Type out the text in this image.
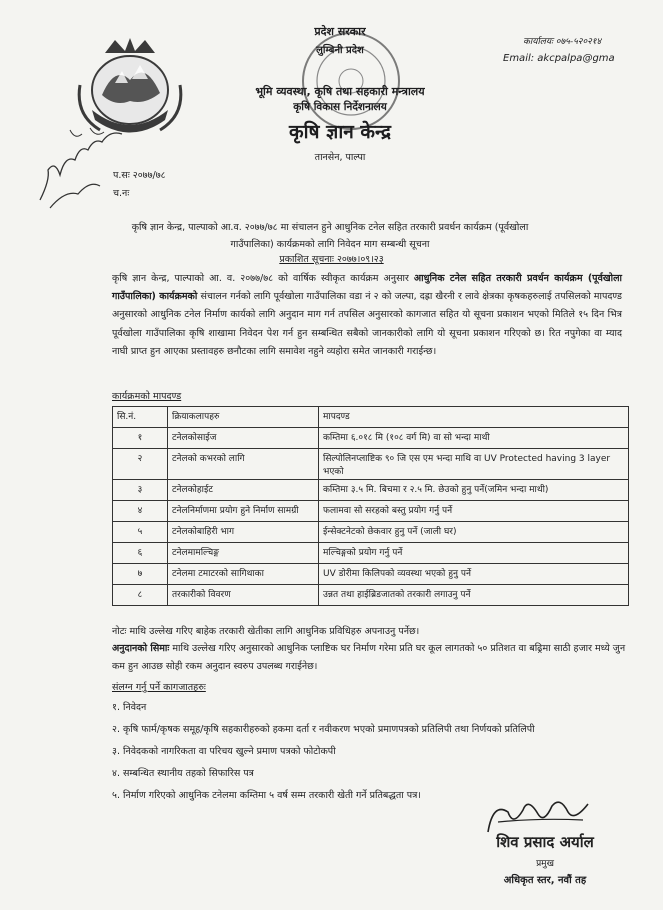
प्रदेश सरकार
लुम्बिनी प्रदेश
भूमि व्यवस्था, कृषि तथा सहकारी मन्त्रालय
कृषि विकास निर्देशनालय
कृषि ज्ञान केन्द्र
तानसेन, पाल्पा
कार्यालयः ०७५-५२०२१४
Email: akcpalpa@gma
प.सः २०७७/७८
च.नः
कृषि ज्ञान केन्द्र, पाल्पाको आ.व. २०७७/७८ मा संचालन हुने आधुनिक टनेल सहित तरकारी प्रवर्धन कार्यक्रम (पूर्वखोला गाउँपालिका) कार्यक्रमको लागि निवेदन माग सम्बन्धी सूचना
प्रकाशित सूचनाः २०७७।०९।२३
कृषि ज्ञान केन्द्र, पाल्पाको आ. व. २०७७/७८ को वार्षिक स्वीकृत कार्यक्रम अनुसार आधुनिक टनेल सहित तरकारी प्रवर्धन कार्यक्रम (पूर्वखोला गाउँपालिका) कार्यक्रमको संचालन गर्नको लागि पूर्वखोला गाउँपालिका वडा नं २ को जल्पा, दह्रा खैरनी र लावे क्षेत्रका कृषकहरुलाई तपसिलको मापदण्ड अनुसारको आधुनिक टनेल निर्माण कार्यको लागि अनुदान माग गर्न तपसिल अनुसारको कागजात सहित यो सूचना प्रकाशन भएको मितिले १५ दिन भित्र पूर्वखोला गाउँपालिका कृषि शाखामा निवेदन पेश गर्न हुन सम्बन्धित सबैको जानकारीको लागि यो सूचना प्रकाशन गरिएको छ। रित नपुगेका वा म्याद नाघी प्राप्त हुन आएका प्रस्तावहरु छनौटका लागि समावेश नहुने व्यहोरा समेत जानकारी गराईन्छ।
कार्यक्रमको मापदण्ड
सि.नं.	क्रियाकलापहरु	मापदण्ड
१	टनेलकोसाईज	कम्तिमा ६.०१८ मि (१०८ वर्ग मि) वा सो भन्दा माथी
२	टनेलको कभरको लागि	सिल्पोलिनप्लाष्टिक ९० जि एस एम भन्दा माथि वा UV Protected having 3 layer भएको
३	टनेलकोहाईट	कम्तिमा ३.५ मि. बिचमा र २.५ मि. छेउको हुनु पर्ने(जमिन भन्दा माथी)
४	टनेलनिर्माणमा प्रयोग हुने निर्माण सामग्री	फलामवा सो सरहको बस्तु प्रयोग गर्नु पर्ने
५	टनेलकोबाहिरी भाग	ईन्सेक्टनेटको छेकवार हुनु पर्ने (जाली घर)
६	टनेलमामल्चिङ्ग	मल्चिङ्गको प्रयोग गर्नु पर्ने
७	टनेलमा टमाटरको सागिथाका	UV डोरीमा किलिपको व्यवस्था भएको हुनु पर्ने
८	तरकारीको विवरण	उन्नत तथा हाईब्रिडजातको तरकारी लगाउनु पर्ने
नोटः माथि उल्लेख गरिए बाहेक तरकारी खेतीका लागि आधुनिक प्रविधिहरु अपनाउनु पर्नेछ।
अनुदानको सिमाः माथि उल्लेख गरिए अनुसारको आधुनिक प्लाष्टिक घर निर्माण गरेमा प्रति घर कूल लागतको ५० प्रतिशत वा बढ्रिमा साठी हजार मध्ये जुन कम हुन आउछ सोही रकम अनुदान स्वरुप उपलब्ध गराईनेछ।
संलग्न गर्नु पर्ने कागजातहरुः
१. निवेदन
२. कृषि फार्म/कृषक समूह/कृषि सहकारीहरुको हकमा दर्ता र नवीकरण भएको प्रमाणपत्रको प्रतिलिपी तथा निर्णयको प्रतिलिपी
३. निवेदकको नागरिकता वा परिचय खुल्ने प्रमाण पत्रको फोटोकपी
४. सम्बन्धित स्थानीय तहको सिफारिस पत्र
५. निर्माण गरिएको आधुनिक टनेलमा कम्तिमा ५ वर्ष सम्म तरकारी खेती गर्ने प्रतिबद्धता पत्र।
शिव प्रसाद अर्याल
प्रमुख
अधिकृत स्तर, नवौं तह
